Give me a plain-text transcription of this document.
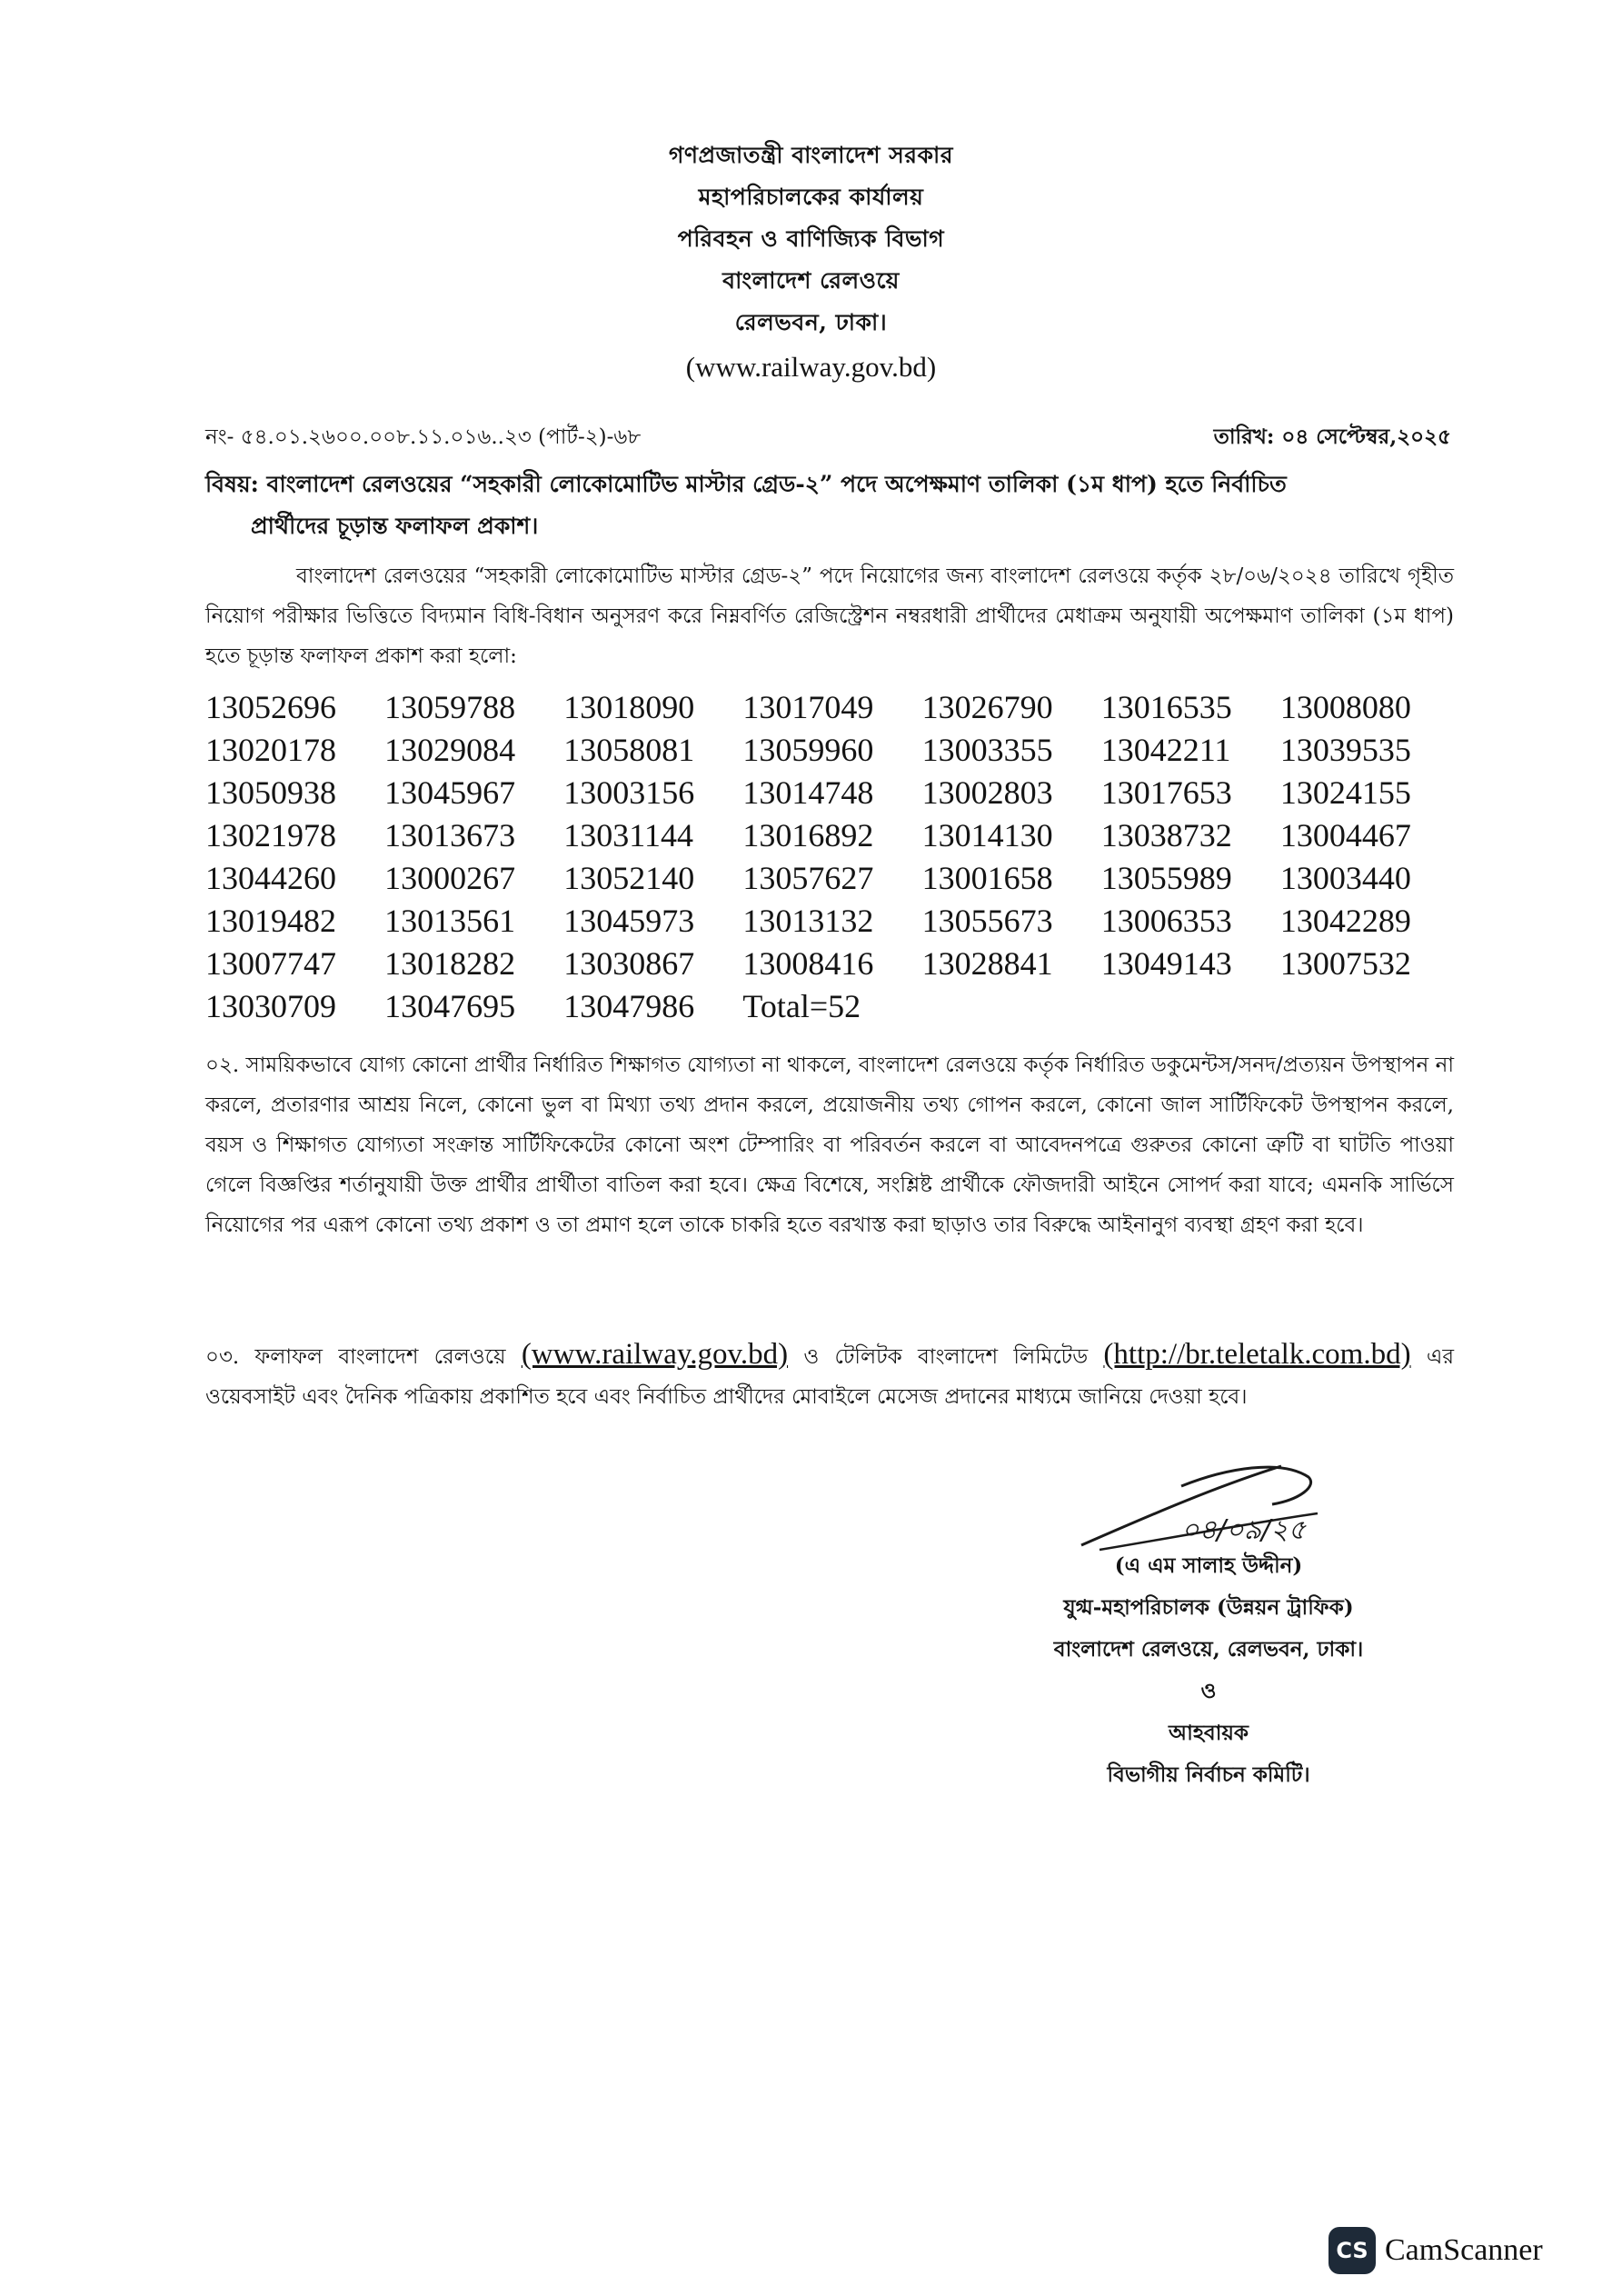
গণপ্রজাতন্ত্রী বাংলাদেশ সরকার
মহাপরিচালকের কার্যালয়
পরিবহন ও বাণিজ্যিক বিভাগ
বাংলাদেশ রেলওয়ে
রেলভবন, ঢাকা।
(www.railway.gov.bd)
নং- ৫৪.০১.২৬০০.০০৮.১১.০১৬..২৩ (পার্ট-২)-৬৮	তারিখ: ০৪ সেপ্টেম্বর,২০২৫
বিষয়: বাংলাদেশ রেলওয়ের “সহকারী লোকোমোটিভ মাস্টার গ্রেড-২” পদে অপেক্ষমাণ তালিকা (১ম ধাপ) হতে নির্বাচিত
প্রার্থীদের চূড়ান্ত ফলাফল প্রকাশ।
বাংলাদেশ রেলওয়ের “সহকারী লোকোমোটিভ মাস্টার গ্রেড-২” পদে নিয়োগের জন্য বাংলাদেশ রেলওয়ে কর্তৃক ২৮/০৬/২০২৪ তারিখে গৃহীত নিয়োগ পরীক্ষার ভিত্তিতে বিদ্যমান বিধি-বিধান অনুসরণ করে নিম্নবর্ণিত রেজিস্ট্রেশন নম্বরধারী প্রার্থীদের মেধাক্রম অনুযায়ী অপেক্ষমাণ তালিকা (১ম ধাপ) হতে চূড়ান্ত ফলাফল প্রকাশ করা হলো:
13052696	13059788	13018090	13017049	13026790	13016535	13008080
13020178	13029084	13058081	13059960	13003355	13042211	13039535
13050938	13045967	13003156	13014748	13002803	13017653	13024155
13021978	13013673	13031144	13016892	13014130	13038732	13004467
13044260	13000267	13052140	13057627	13001658	13055989	13003440
13019482	13013561	13045973	13013132	13055673	13006353	13042289
13007747	13018282	13030867	13008416	13028841	13049143	13007532
13030709	13047695	13047986	Total=52
০২. সাময়িকভাবে যোগ্য কোনো প্রার্থীর নির্ধারিত শিক্ষাগত যোগ্যতা না থাকলে, বাংলাদেশ রেলওয়ে কর্তৃক নির্ধারিত ডকুমেন্টস/সনদ/প্রত্যয়ন উপস্থাপন না করলে, প্রতারণার আশ্রয় নিলে, কোনো ভুল বা মিথ্যা তথ্য প্রদান করলে, প্রয়োজনীয় তথ্য গোপন করলে, কোনো জাল সার্টিফিকেট উপস্থাপন করলে, বয়স ও শিক্ষাগত যোগ্যতা সংক্রান্ত সার্টিফিকেটের কোনো অংশ টেম্পারিং বা পরিবর্তন করলে বা আবেদনপত্রে গুরুতর কোনো ত্রুটি বা ঘাটতি পাওয়া গেলে বিজ্ঞপ্তির শর্তানুযায়ী উক্ত প্রার্থীর প্রার্থীতা বাতিল করা হবে। ক্ষেত্র বিশেষে, সংশ্লিষ্ট প্রার্থীকে ফৌজদারী আইনে সোপর্দ করা যাবে; এমনকি সার্ভিসে নিয়োগের পর এরূপ কোনো তথ্য প্রকাশ ও তা প্রমাণ হলে তাকে চাকরি হতে বরখাস্ত করা ছাড়াও তার বিরুদ্ধে আইনানুগ ব্যবস্থা গ্রহণ করা হবে।
০৩. ফলাফল বাংলাদেশ রেলওয়ে (www.railway.gov.bd) ও টেলিটক বাংলাদেশ লিমিটেড (http://br.teletalk.com.bd) এর ওয়েবসাইট এবং দৈনিক পত্রিকায় প্রকাশিত হবে এবং নির্বাচিত প্রার্থীদের মোবাইলে মেসেজ প্রদানের মাধ্যমে জানিয়ে দেওয়া হবে।
০৪/০৯/২৫
(এ এম সালাহ উদ্দীন)
যুগ্ম-মহাপরিচালক (উন্নয়ন ট্রাফিক)
বাংলাদেশ রেলওয়ে, রেলভবন, ঢাকা।
ও
আহবায়ক
বিভাগীয় নির্বাচন কমিটি।
CS CamScanner
